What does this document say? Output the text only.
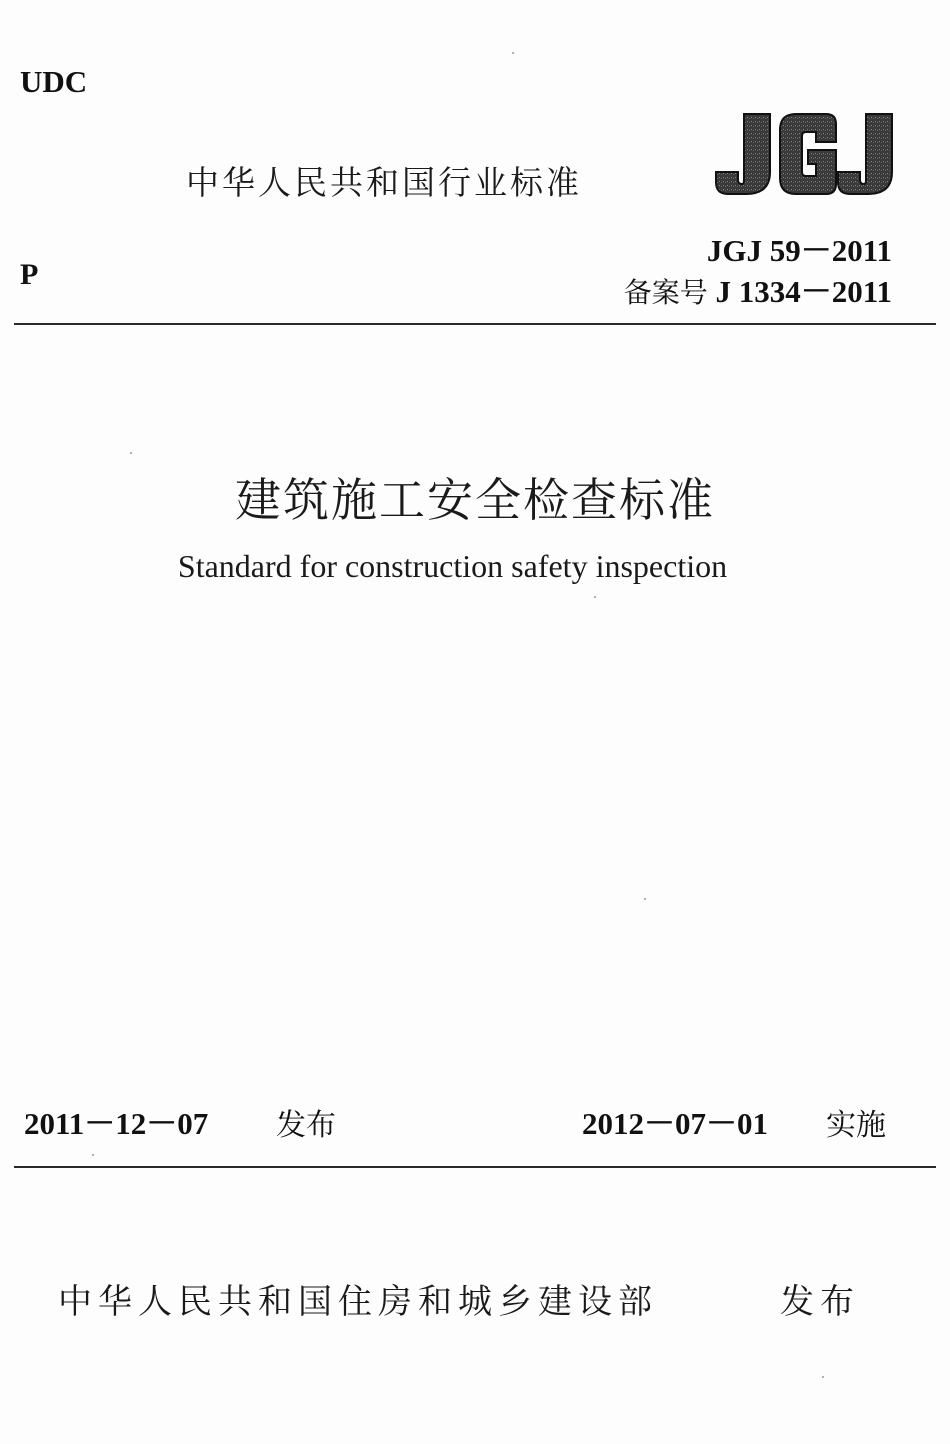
UDC
P
中华人民共和国行业标准
JGJ 59－2011
备案号 J 1334－2011
建筑施工安全检查标准
Standard for construction safety inspection
2011－12－07 发布	2012－07－01 实施
中华人民共和国住房和城乡建设部	发布
